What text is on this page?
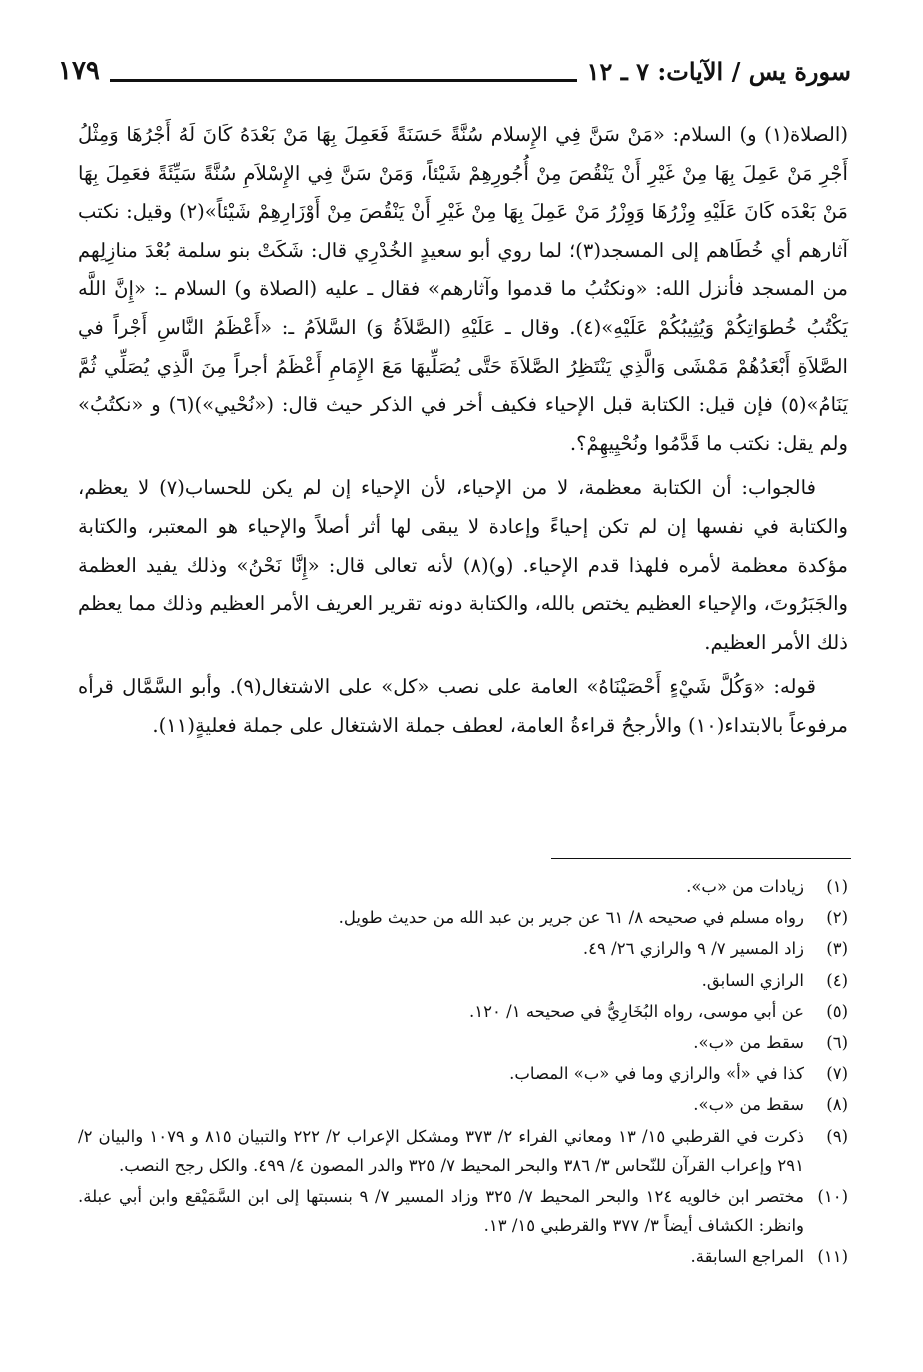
سورة يس / الآيات: ٧ ـ ١٢
١٧٩

(الصلاة(١) و) السلام: «مَنْ سَنَّ فِي الإِسلام سُنَّةً حَسَنَةً فَعَمِلَ بِهَا مَنْ بَعْدَهُ كَانَ لَهُ أَجْرُهَا وَمِثْلُ أَجْرِ مَنْ عَمِلَ بِهَا مِنْ غَيْرِ أَنْ يَنْقُصَ مِنْ أُجُورِهِمْ شَيْئاً، وَمَنْ سَنَّ فِي الإِسْلاَمِ سُنَّةً سَيِّئَةً فعَمِلَ بِهَا مَنْ بَعْدَه كَانَ عَلَيْهِ وِزْرُهَا وَوِزْرُ مَنْ عَمِلَ بِهَا مِنْ غَيْرِ أَنْ يَنْقُصَ مِنْ أَوْزَارِهِمْ شَيْئاً»(٢) وقيل: نكتب آثارهم أي خُطَاهم إلى المسجد(٣)؛ لما روي أبو سعيدٍ الخُدْرِي قال: شَكَتْ بنو سلمة بُعْدَ منازِلِهم من المسجد فأنزل الله: «ونكتُبُ ما قدموا وآثارهم» فقال ـ عليه (الصلاة و) السلام ـ: «إِنَّ اللَّه يَكْتُبُ خُطوَاتِكُمْ وَيُثِيبُكُمْ عَلَيْهِ»(٤). وقال ـ عَلَيْهِ (الصَّلاَةُ وَ) السَّلاَمُ ـ: «أَعْظَمُ النَّاسِ أَجْراً في الصَّلاَةِ أَبْعَدُهُمْ مَمْشَى وَالَّذِي يَنْتَظِرُ الصَّلاَةَ حَتَّى يُصَلِّيهَا مَعَ الإِمَامِ أَعْظَمُ أجراً مِنَ الَّذِي يُصَلِّي ثُمَّ يَنَامُ»(٥) فإن قيل: الكتابة قبل الإحياء فكيف أخر في الذكر حيث قال: («نُحْيي»)(٦) و «نكتُبُ» ولم يقل: نكتب ما قَدَّمُوا ونُحْيِيهِمْ؟.

فالجواب: أن الكتابة معظمة، لا من الإحياء، لأن الإحياء إن لم يكن للحساب(٧) لا يعظم، والكتابة في نفسها إن لم تكن إحياءً وإعادة لا يبقى لها أثر أصلاً والإحياء هو المعتبر، والكتابة مؤكدة معظمة لأمره فلهذا قدم الإحياء. (و)(٨) لأنه تعالى قال: «إِنَّا نَحْنُ» وذلك يفيد العظمة والجَبَرُوتَ، والإحياء العظيم يختص بالله، والكتابة دونه تقرير العريف الأمر العظيم وذلك مما يعظم ذلك الأمر العظيم.

قوله: «وَكُلَّ شَيْءٍ أَحْصَيْنَاهُ» العامة على نصب «كل» على الاشتغال(٩). وأبو السَّمَّال قرأه مرفوعاً بالابتداء(١٠) والأرجحُ قراءةُ العامة، لعطف جملة الاشتغال على جملة فعليةٍ(١١).

(١)
زيادات من «ب».
(٢)
رواه مسلم في صحيحه ٨/ ٦١ عن جرير بن عبد الله من حديث طويل.
(٣)
زاد المسير ٧/ ٩ والرازي ٢٦/ ٤٩.
(٤)
الرازي السابق.
(٥)
عن أبي موسى، رواه البُخَارِيُّ في صحيحه ١/ ١٢٠.
(٦)
سقط من «ب».
(٧)
كذا في «أ» والرازي وما في «ب» المصاب.
(٨)
سقط من «ب».
(٩)
ذكرت في القرطبي ١٥/ ١٣ ومعاني الفراء ٢/ ٣٧٣ ومشكل الإعراب ٢/ ٢٢٢ والتبيان ٨١٥ و ١٠٧٩ والبيان ٢/ ٢٩١ وإعراب القرآن للنّحاس ٣/ ٣٨٦ والبحر المحيط ٧/ ٣٢٥ والدر المصون ٤/ ٤٩٩. والكل رجح النصب.
(١٠)
مختصر ابن خالويه ١٢٤ والبحر المحيط ٧/ ٣٢٥ وزاد المسير ٧/ ٩ بنسبتها إلى ابن السَّمَيْقع وابن أبي عبلة. وانظر: الكشاف أيضاً ٣/ ٣٧٧ والقرطبي ١٥/ ١٣.
(١١)
المراجع السابقة.
